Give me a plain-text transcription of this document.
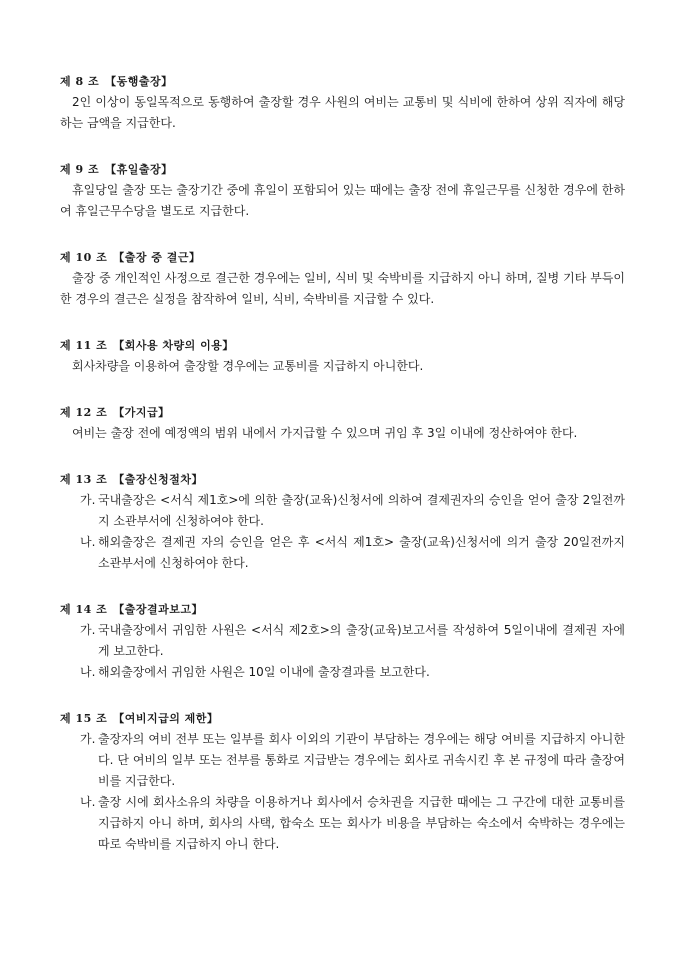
제 8 조 【동행출장】
2인 이상이 동일목적으로 동행하여 출장할 경우 사원의 여비는 교통비 및 식비에 한하여 상위 직자에 해당하는 금액을 지급한다.
제 9 조 【휴일출장】
휴일당일 출장 또는 출장기간 중에 휴일이 포함되어 있는 때에는 출장 전에 휴일근무를 신청한 경우에 한하여 휴일근무수당을 별도로 지급한다.
제 10 조 【출장 중 결근】
출장 중 개인적인 사정으로 결근한 경우에는 일비, 식비 및 숙박비를 지급하지 아니 하며, 질병 기타 부득이한 경우의 결근은 실정을 참작하여 일비, 식비, 숙박비를 지급할 수 있다.
제 11 조 【회사용 차량의 이용】
회사차량을 이용하여 출장할 경우에는 교통비를 지급하지 아니한다.
제 12 조 【가지급】
여비는 출장 전에 예정액의 범위 내에서 가지급할 수 있으며 귀임 후 3일 이내에 정산하여야 한다.
제 13 조 【출장신청절차】
가. 국내출장은 <서식 제1호>에 의한 출장(교육)신청서에 의하여 결제권자의 승인을 얻어 출장 2일전까지 소관부서에 신청하여야 한다.
나. 해외출장은 결제권 자의 승인을 얻은 후 <서식 제1호> 출장(교육)신청서에 의거 출장 20일전까지 소관부서에 신청하여야 한다.
제 14 조 【출장결과보고】
가. 국내출장에서 귀임한 사원은 <서식 제2호>의 출장(교육)보고서를 작성하여 5일이내에 결제권 자에게 보고한다.
나. 해외출장에서 귀임한 사원은 10일 이내에 출장결과를 보고한다.
제 15 조 【여비지급의 제한】
가. 출장자의 여비 전부 또는 일부를 회사 이외의 기관이 부담하는 경우에는 해당 여비를 지급하지 아니한다. 단 여비의 일부 또는 전부를 통화로 지급받는 경우에는 회사로 귀속시킨 후 본 규정에 따라 출장여비를 지급한다.
나. 출장 시에 회사소유의 차량을 이용하거나 회사에서 승차권을 지급한 때에는 그 구간에 대한 교통비를 지급하지 아니 하며, 회사의 사택, 합숙소 또는 회사가 비용을 부담하는 숙소에서 숙박하는 경우에는 따로 숙박비를 지급하지 아니 한다.
